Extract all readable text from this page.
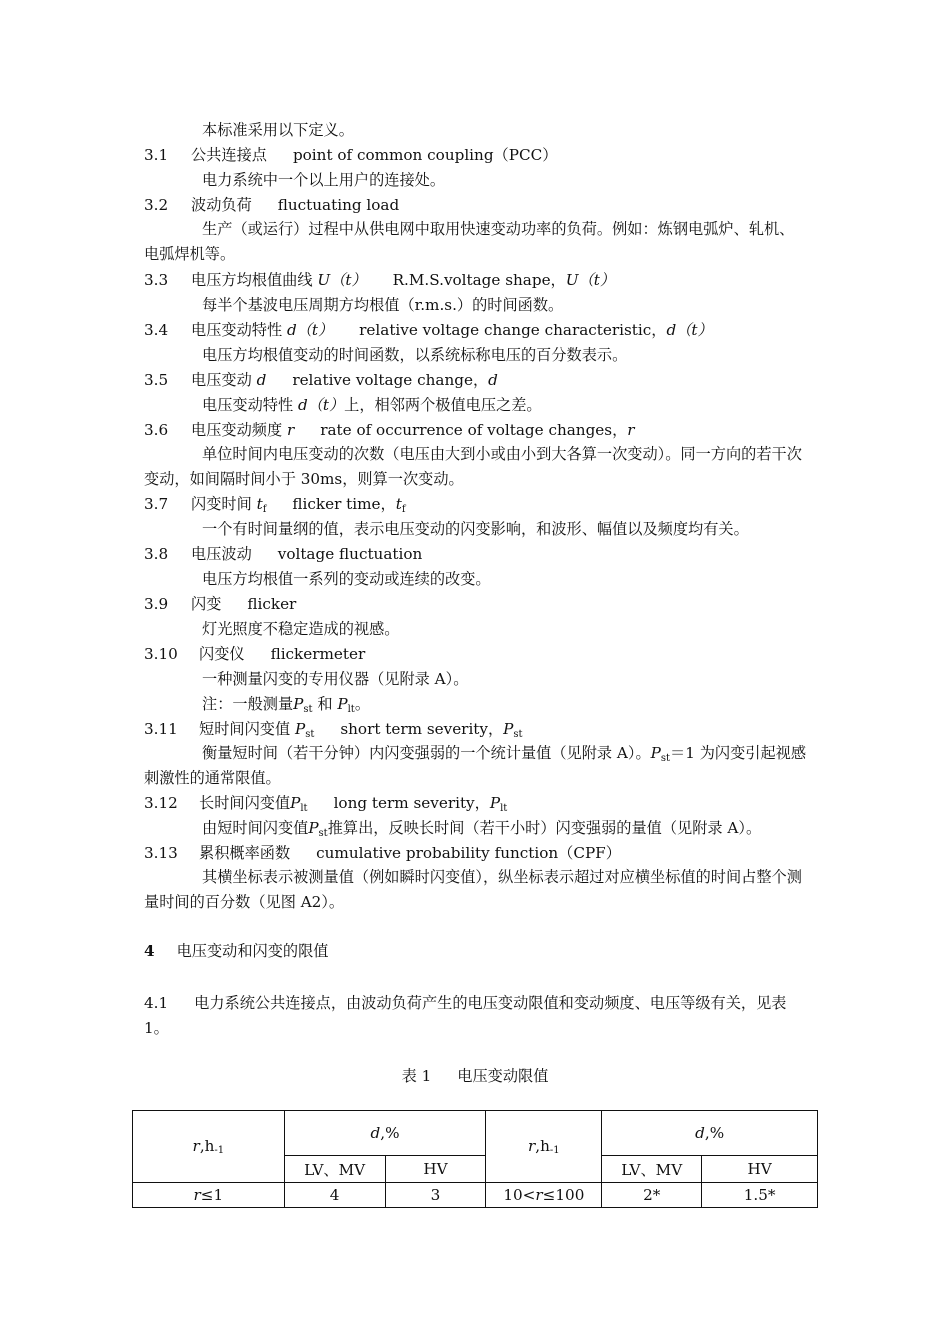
本标准采用以下定义。
3.1 公共连接点 point of common coupling（PCC）
电力系统中一个以上用户的连接处。
3.2 波动负荷 fluctuating load
生产（或运行）过程中从供电网中取用快速变动功率的负荷。例如：炼钢电弧炉、轧机、电弧焊机等。
3.3 电压方均根值曲线 U（t） R.M.S.voltage shape，U（t）
每半个基波电压周期方均根值（r.m.s.）的时间函数。
3.4 电压变动特性 d（t） relative voltage change characteristic，d（t）
电压方均根值变动的时间函数，以系统标称电压的百分数表示。
3.5 电压变动 d relative voltage change，d
电压变动特性 d（t）上，相邻两个极值电压之差。
3.6 电压变动频度 r rate of occurrence of voltage changes，r
单位时间内电压变动的次数（电压由大到小或由小到大各算一次变动）。同一方向的若干次变动，如间隔时间小于 30ms，则算一次变动。
3.7 闪变时间 $t_f$ flicker time，$t_f$
一个有时间量纲的值，表示电压变动的闪变影响，和波形、幅值以及频度均有关。
3.8 电压波动 voltage fluctuation
电压方均根值一系列的变动或连续的改变。
3.9 闪变 flicker
灯光照度不稳定造成的视感。
3.10 闪变仪 flickermeter
一种测量闪变的专用仪器（见附录 A）。
注：一般测量$P_{st}$ 和 $P_{lt}$。
3.11 短时间闪变值 $P_{st}$ short term severity，$P_{st}$
衡量短时间（若干分钟）内闪变强弱的一个统计量值（见附录 A）。$P_{st}=1$ 为闪变引起视感刺激性的通常限值。
3.12 长时间闪变值$P_{lt}$ long term severity，$P_{lt}$
由短时间闪变值$P_{st}$推算出，反映长时间（若干小时）闪变强弱的量值（见附录 A）。
3.13 累积概率函数 cumulative probability function（CPF）
其横坐标表示被测量值（例如瞬时闪变值），纵坐标表示超过对应横坐标值的时间占整个测量时间的百分数（见图 A2）。
4 电压变动和闪变的限值
4.1 电力系统公共连接点，由波动负荷产生的电压变动限值和变动频度、电压等级有关，见表 1。
表 1 电压变动限值
$r,h_{-1}$	d,%		$r,h_{-1}$	d,%	
	LV、MV	HV		LV、MV	HV
r≤1	4	3	10<r≤100	2*	1.5*
